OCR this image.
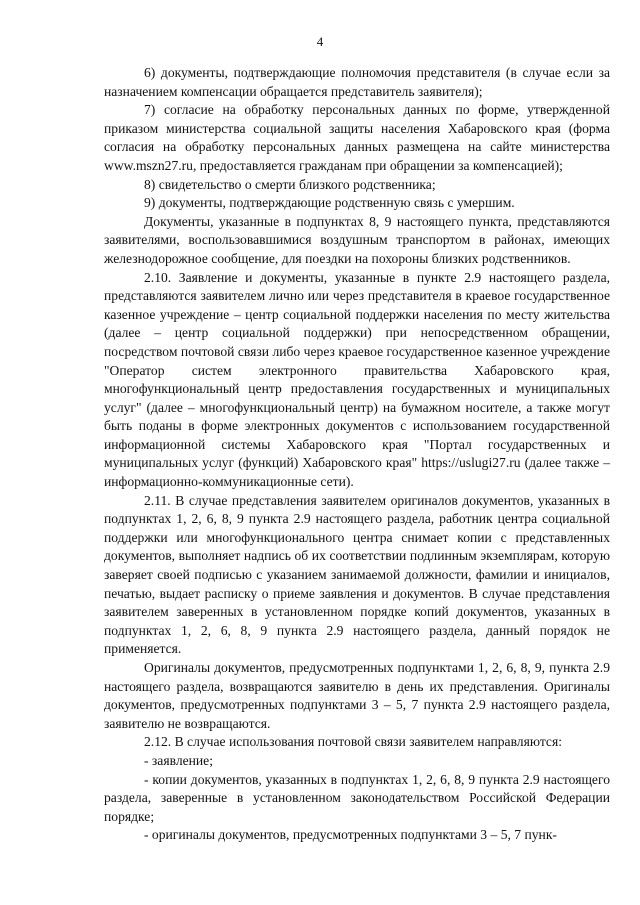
4

6) документы, подтверждающие полномочия представителя (в случае если за назначением компенсации обращается представитель заявителя);

7) согласие на обработку персональных данных по форме, утвержденной приказом министерства социальной защиты населения Хабаровского края (форма согласия на обработку персональных данных размещена на сайте министерства www.mszn27.ru, предоставляется гражданам при обращении за компенсацией);

8) свидетельство о смерти близкого родственника;

9) документы, подтверждающие родственную связь с умершим.

Документы, указанные в подпунктах 8, 9 настоящего пункта, представляются заявителями, воспользовавшимися воздушным транспортом в районах, имеющих железнодорожное сообщение, для поездки на похороны близких родственников.

2.10. Заявление и документы, указанные в пункте 2.9 настоящего раздела, представляются заявителем лично или через представителя в краевое государственное казенное учреждение – центр социальной поддержки населения по месту жительства (далее – центр социальной поддержки) при непосредственном обращении, посредством почтовой связи либо через краевое государственное казенное учреждение "Оператор систем электронного правительства Хабаровского края, многофункциональный центр предоставления государственных и муниципальных услуг" (далее – многофункциональный центр) на бумажном носителе, а также могут быть поданы в форме электронных документов с использованием государственной информационной системы Хабаровского края "Портал государственных и муниципальных услуг (функций) Хабаровского края" https://uslugi27.ru (далее также – информационно-коммуникационные сети).

2.11. В случае представления заявителем оригиналов документов, указанных в подпунктах 1, 2, 6, 8, 9 пункта 2.9 настоящего раздела, работник центра социальной поддержки или многофункционального центра снимает копии с представленных документов, выполняет надпись об их соответствии подлинным экземплярам, которую заверяет своей подписью с указанием занимаемой должности, фамилии и инициалов, печатью, выдает расписку о приеме заявления и документов. В случае представления заявителем заверенных в установленном порядке копий документов, указанных в подпунктах 1, 2, 6, 8, 9 пункта 2.9 настоящего раздела, данный порядок не применяется.

Оригиналы документов, предусмотренных подпунктами 1, 2, 6, 8, 9, пункта 2.9 настоящего раздела, возвращаются заявителю в день их представления. Оригиналы документов, предусмотренных подпунктами 3 – 5, 7 пункта 2.9 настоящего раздела, заявителю не возвращаются.

2.12. В случае использования почтовой связи заявителем направляются:

- заявление;

- копии документов, указанных в подпунктах 1, 2, 6, 8, 9 пункта 2.9 настоящего раздела, заверенные в установленном законодательством Российской Федерации порядке;

- оригиналы документов, предусмотренных подпунктами 3 – 5, 7 пунк-
